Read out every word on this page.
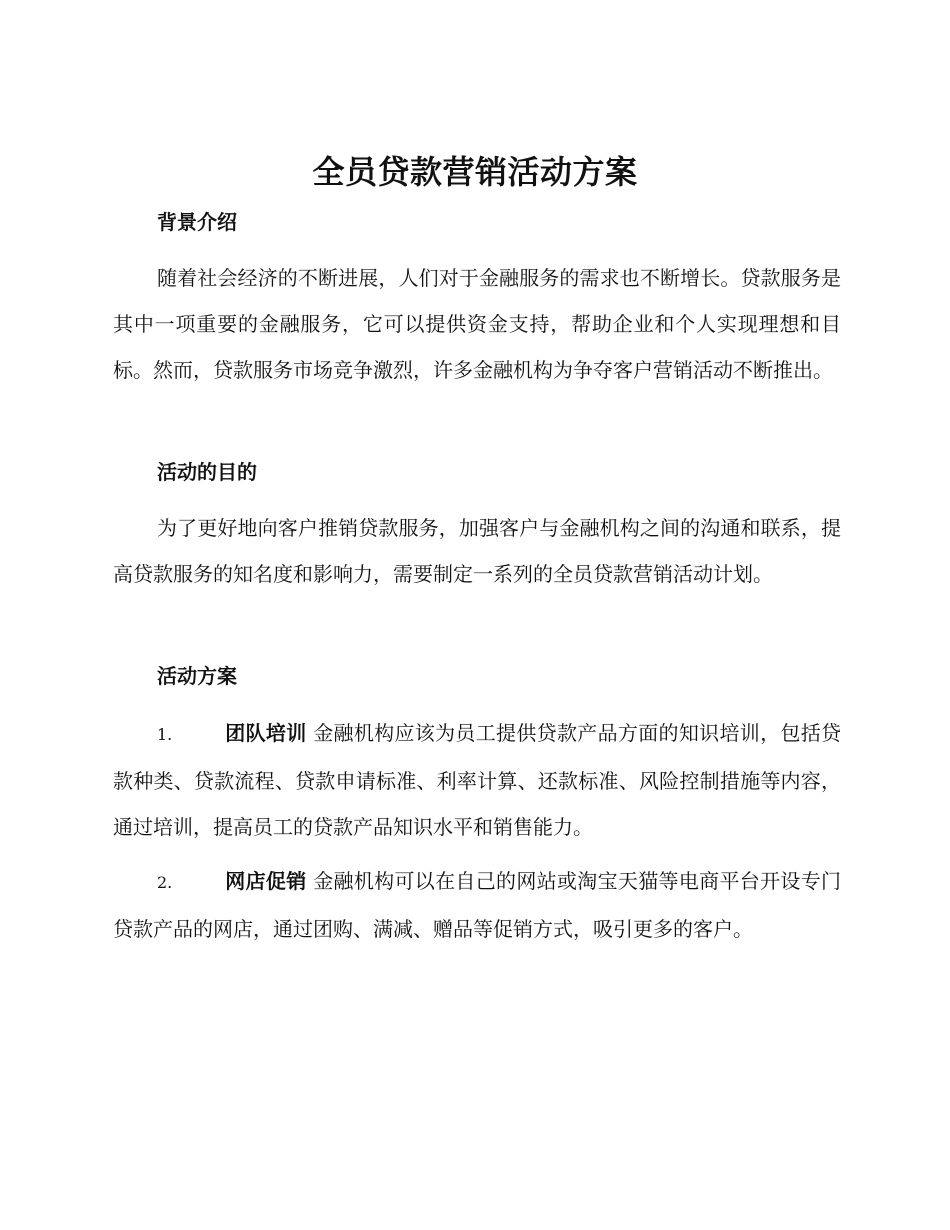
全员贷款营销活动方案
背景介绍
随着社会经济的不断进展，人们对于金融服务的需求也不断增长。贷款服务是其中一项重要的金融服务，它可以提供资金支持，帮助企业和个人实现理想和目标。然而，贷款服务市场竞争激烈，许多金融机构为争夺客户营销活动不断推出。
活动的目的
为了更好地向客户推销贷款服务，加强客户与金融机构之间的沟通和联系，提高贷款服务的知名度和影响力，需要制定一系列的全员贷款营销活动计划。
活动方案
1.	团队培训 金融机构应该为员工提供贷款产品方面的知识培训，包括贷款种类、贷款流程、贷款申请标准、利率计算、还款标准、风险控制措施等内容，通过培训，提高员工的贷款产品知识水平和销售能力。
2.	网店促销 金融机构可以在自己的网站或淘宝天猫等电商平台开设专门贷款产品的网店，通过团购、满减、赠品等促销方式，吸引更多的客户。
